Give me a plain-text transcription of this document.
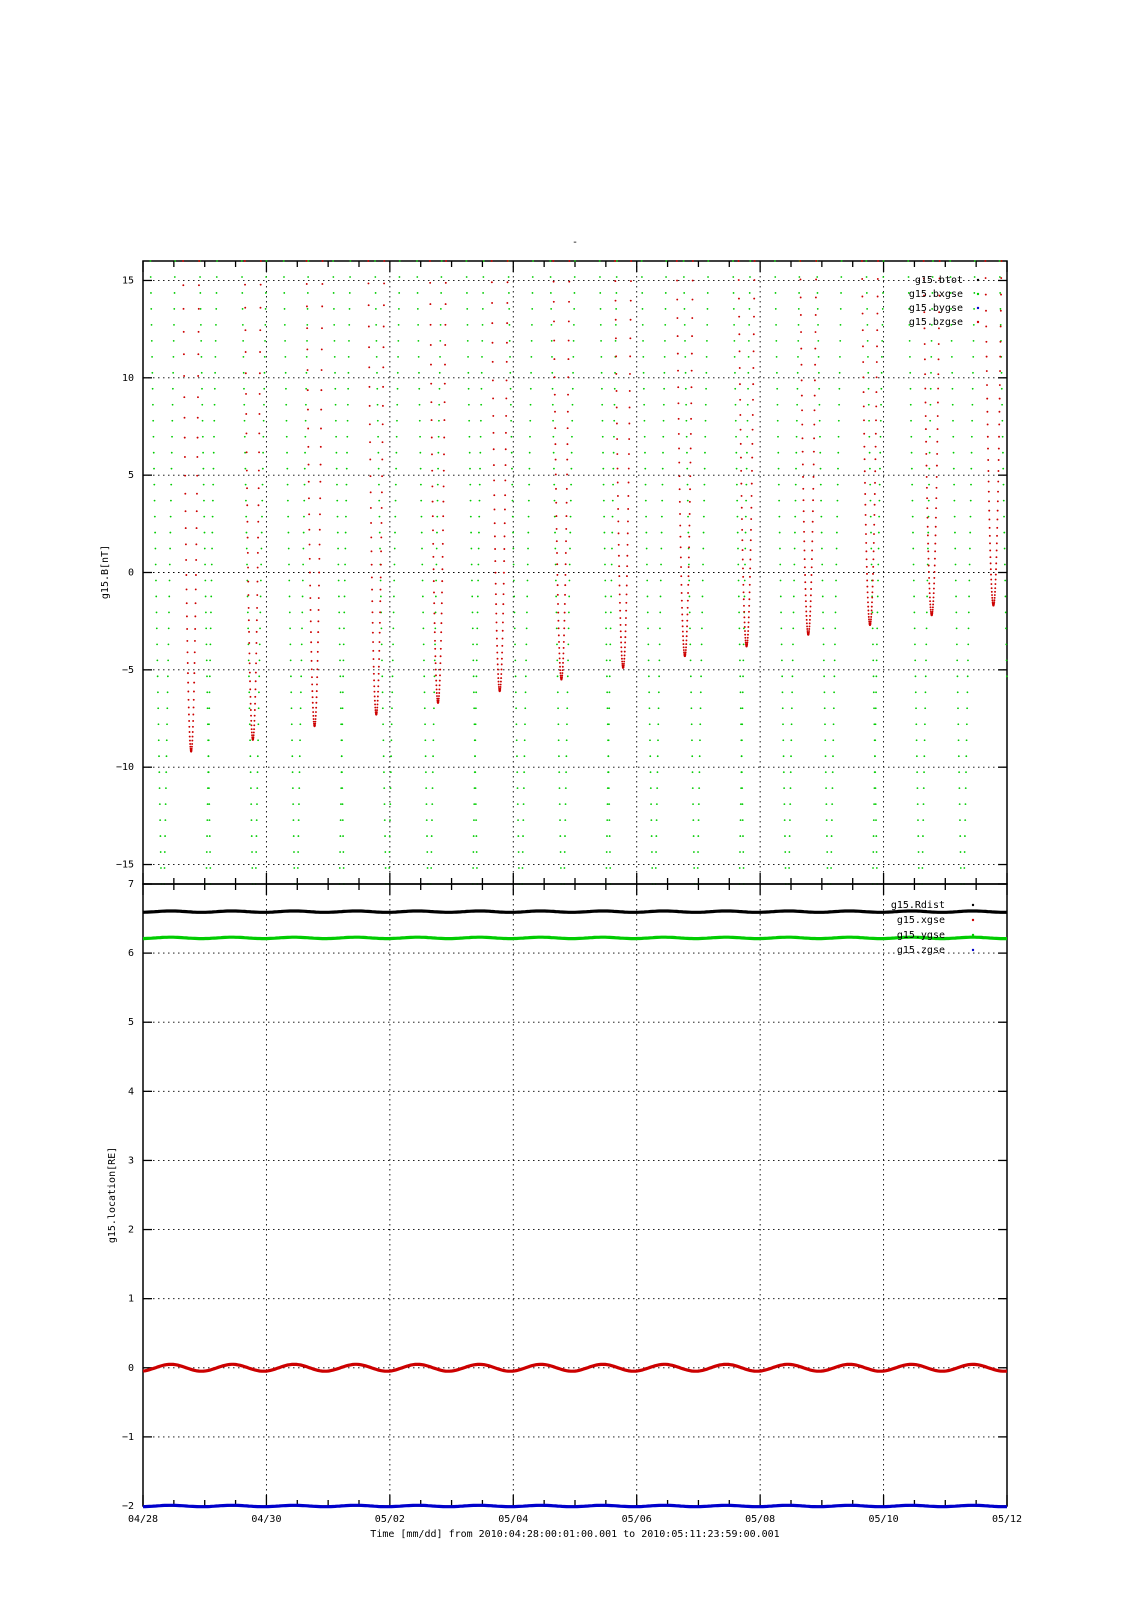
-
−15
−10
−5
0
5
10
15
g15.B[nT]
g15.btot
g15.bxgse
g15.bygse
g15.bzgse
−2
−1
0
1
2
3
4
5
6
7
g15.location[RE]
g15.Rdist
g15.xgse
g15.ygse
g15.zgse
04/28	04/30	05/02	05/04	05/06	05/08	05/10	05/12
Time [mm/dd] from 2010:04:28:00:01:00.001 to 2010:05:11:23:59:00.001
